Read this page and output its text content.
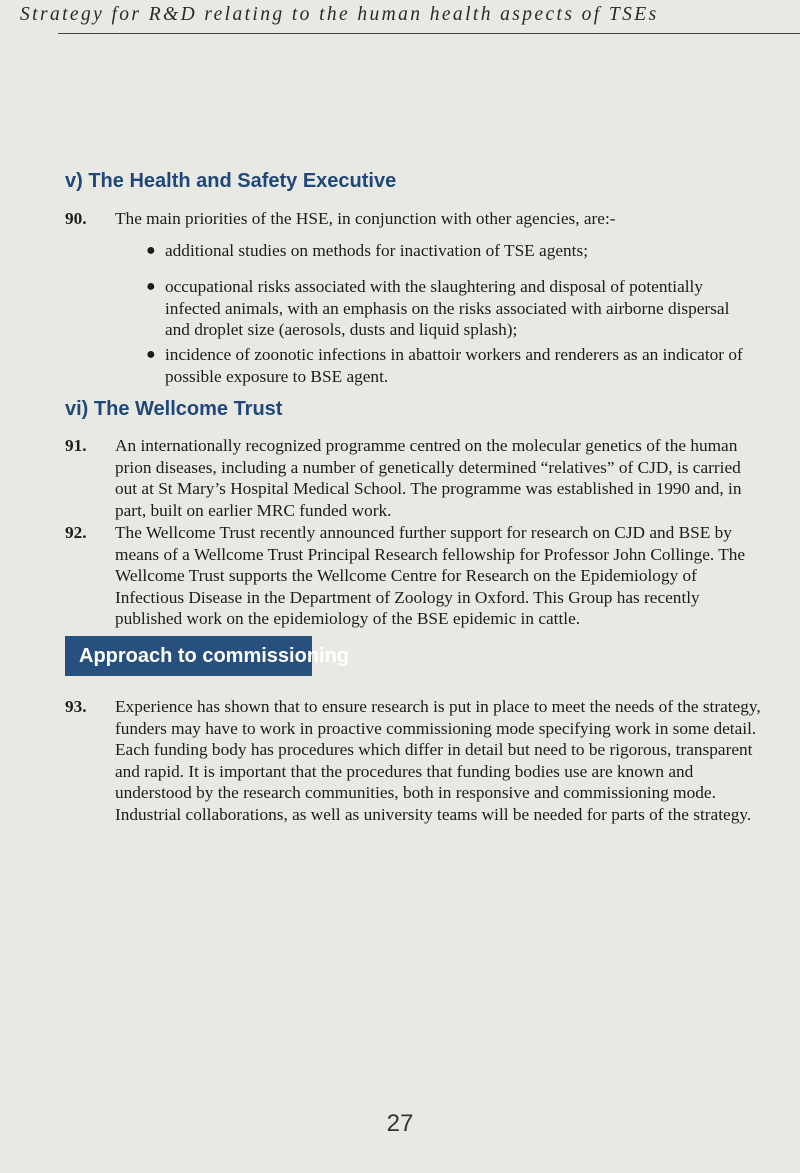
Strategy for R&D relating to the human health aspects of TSEs
v) The Health and Safety Executive
90.	The main priorities of the HSE, in conjunction with other agencies, are:-
● additional studies on methods for inactivation of TSE agents;
● occupational risks associated with the slaughtering and disposal of potentially infected animals, with an emphasis on the risks associated with airborne dispersal and droplet size (aerosols, dusts and liquid splash);
● incidence of zoonotic infections in abattoir workers and renderers as an indicator of possible exposure to BSE agent.
vi) The Wellcome Trust
91.	An internationally recognized programme centred on the molecular genetics of the human prion diseases, including a number of genetically determined “relatives” of CJD, is carried out at St Mary’s Hospital Medical School. The programme was established in 1990 and, in part, built on earlier MRC funded work.
92.	The Wellcome Trust recently announced further support for research on CJD and BSE by means of a Wellcome Trust Principal Research fellowship for Professor John Collinge. The Wellcome Trust supports the Wellcome Centre for Research on the Epidemiology of Infectious Disease in the Department of Zoology in Oxford. This Group has recently published work on the epidemiology of the BSE epidemic in cattle.
Approach to commissioning
93.	Experience has shown that to ensure research is put in place to meet the needs of the strategy, funders may have to work in proactive commissioning mode specifying work in some detail. Each funding body has procedures which differ in detail but need to be rigorous, transparent and rapid. It is important that the procedures that funding bodies use are known and understood by the research communities, both in responsive and commissioning mode. Industrial collaborations, as well as university teams will be needed for parts of the strategy.
27
